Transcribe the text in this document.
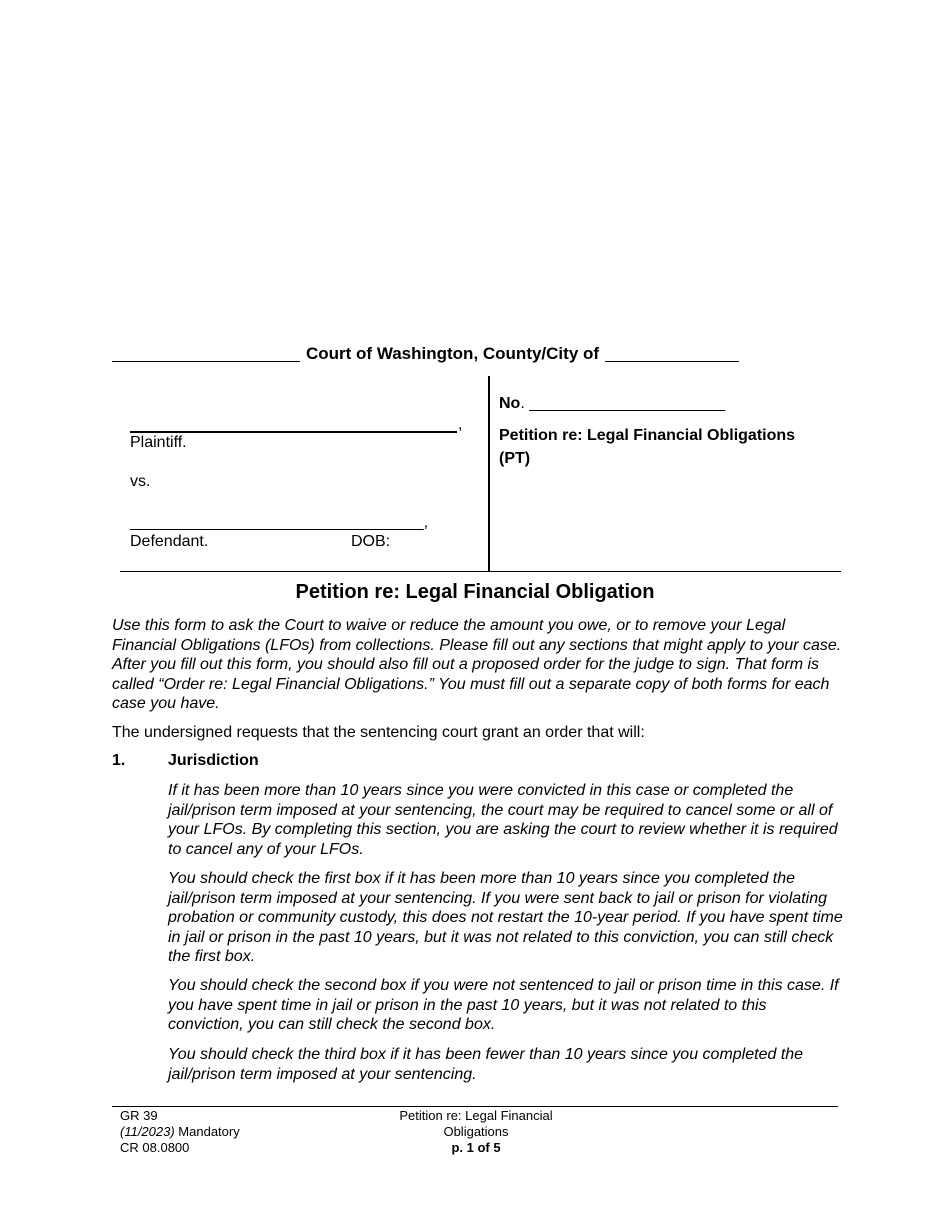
Court of Washington, County/City of
,
Plaintiff.
vs.
_________________________________,
Defendant.	DOB:
No. ______________________
Petition re: Legal Financial Obligations
(PT)
Petition re: Legal Financial Obligation
Use this form to ask the Court to waive or reduce the amount you owe, or to remove your Legal Financial Obligations (LFOs) from collections. Please fill out any sections that might apply to your case. After you fill out this form, you should also fill out a proposed order for the judge to sign. That form is called “Order re: Legal Financial Obligations.” You must fill out a separate copy of both forms for each case you have.
The undersigned requests that the sentencing court grant an order that will:
1.	Jurisdiction
If it has been more than 10 years since you were convicted in this case or completed the jail/prison term imposed at your sentencing, the court may be required to cancel some or all of your LFOs. By completing this section, you are asking the court to review whether it is required to cancel any of your LFOs.
You should check the first box if it has been more than 10 years since you completed the jail/prison term imposed at your sentencing. If you were sent back to jail or prison for violating probation or community custody, this does not restart the 10-year period. If you have spent time in jail or prison in the past 10 years, but it was not related to this conviction, you can still check the first box.
You should check the second box if you were not sentenced to jail or prison time in this case. If you have spent time in jail or prison in the past 10 years, but it was not related to this conviction, you can still check the second box.
You should check the third box if it has been fewer than 10 years since you completed the jail/prison term imposed at your sentencing.
GR 39
(11/2023) Mandatory
CR 08.0800
Petition re: Legal Financial
Obligations
p. 1 of 5
